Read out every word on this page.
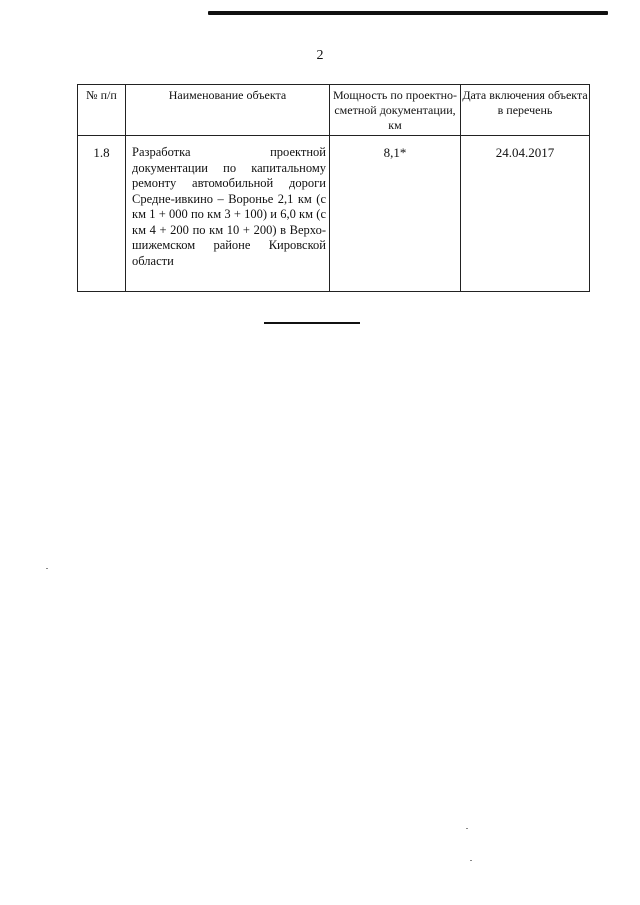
2
№ п/п	Наименование объекта	Мощность по проектно-сметной документации, км	Дата включения объекта в перечень
1.8	Разработка проектной документации по капитальному ремонту автомобильной дороги Средне-ивкино – Воронье 2,1 км (с км 1 + 000 по км 3 + 100) и 6,0 км (с км 4 + 200 по км 10 + 200) в Верхо-шижемском районе Кировской области	8,1*	24.04.2017
